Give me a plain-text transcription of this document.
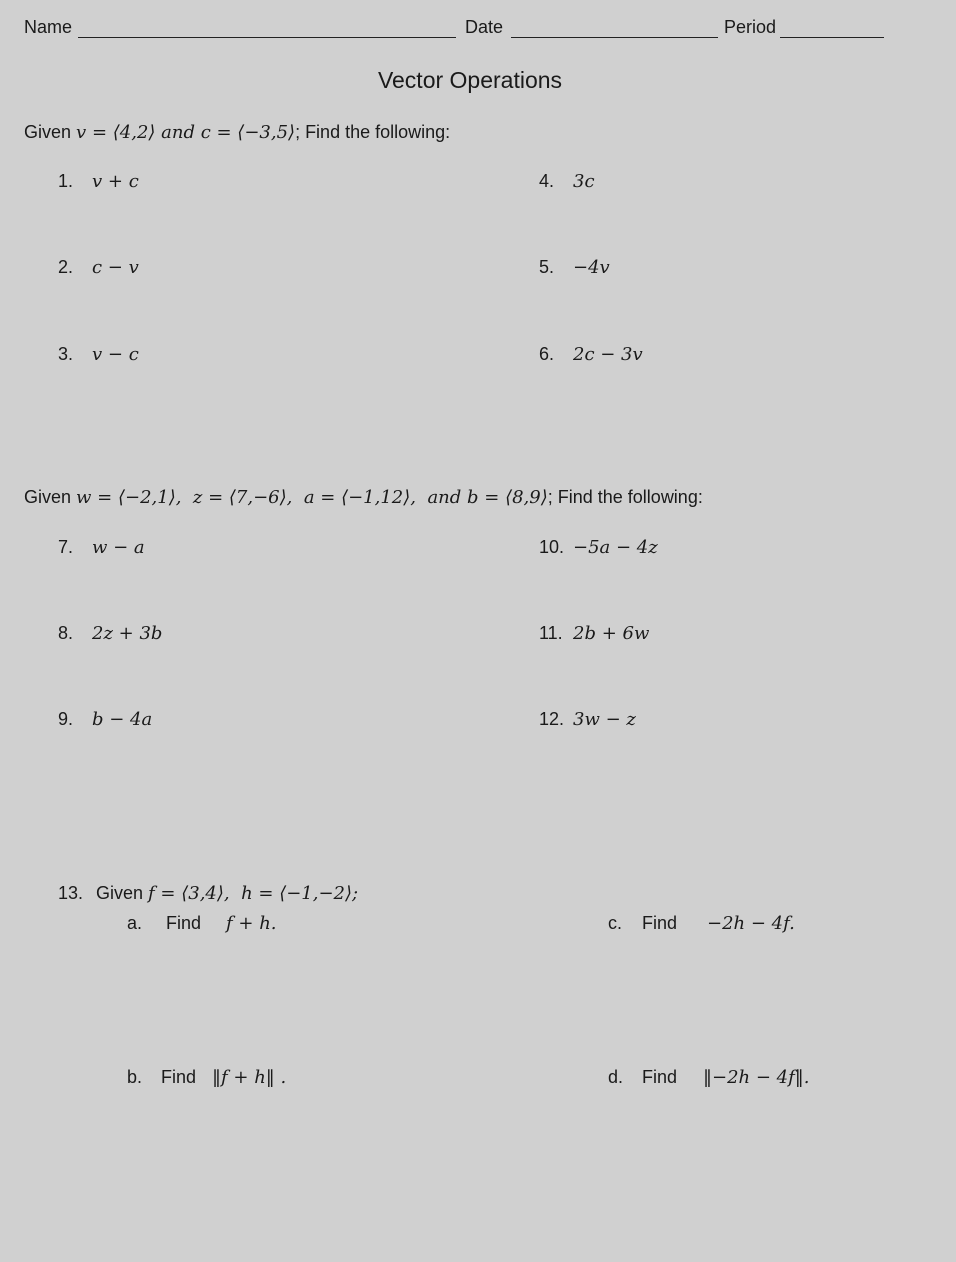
Name	Date	Period
Vector Operations
Given v = ⟨4,2⟩ and c = ⟨−3,5⟩; Find the following:
1. v + c
2. c − v
3. v − c
4. 3c
5. −4v
6. 2c − 3v
Given w = ⟨−2,1⟩,  z = ⟨7,−6⟩,  a = ⟨−1,12⟩,  and b = ⟨8,9⟩; Find the following:
7. w − a
8. 2z + 3b
9. b − 4a
10. −5a − 4z
11. 2b + 6w
12. 3w − z
13. Given f = ⟨3,4⟩,  h = ⟨−1,−2⟩;
a. Find f + h.
b. Find ‖f + h‖ .
c. Find −2h − 4f.
d. Find ‖−2h − 4f‖.
